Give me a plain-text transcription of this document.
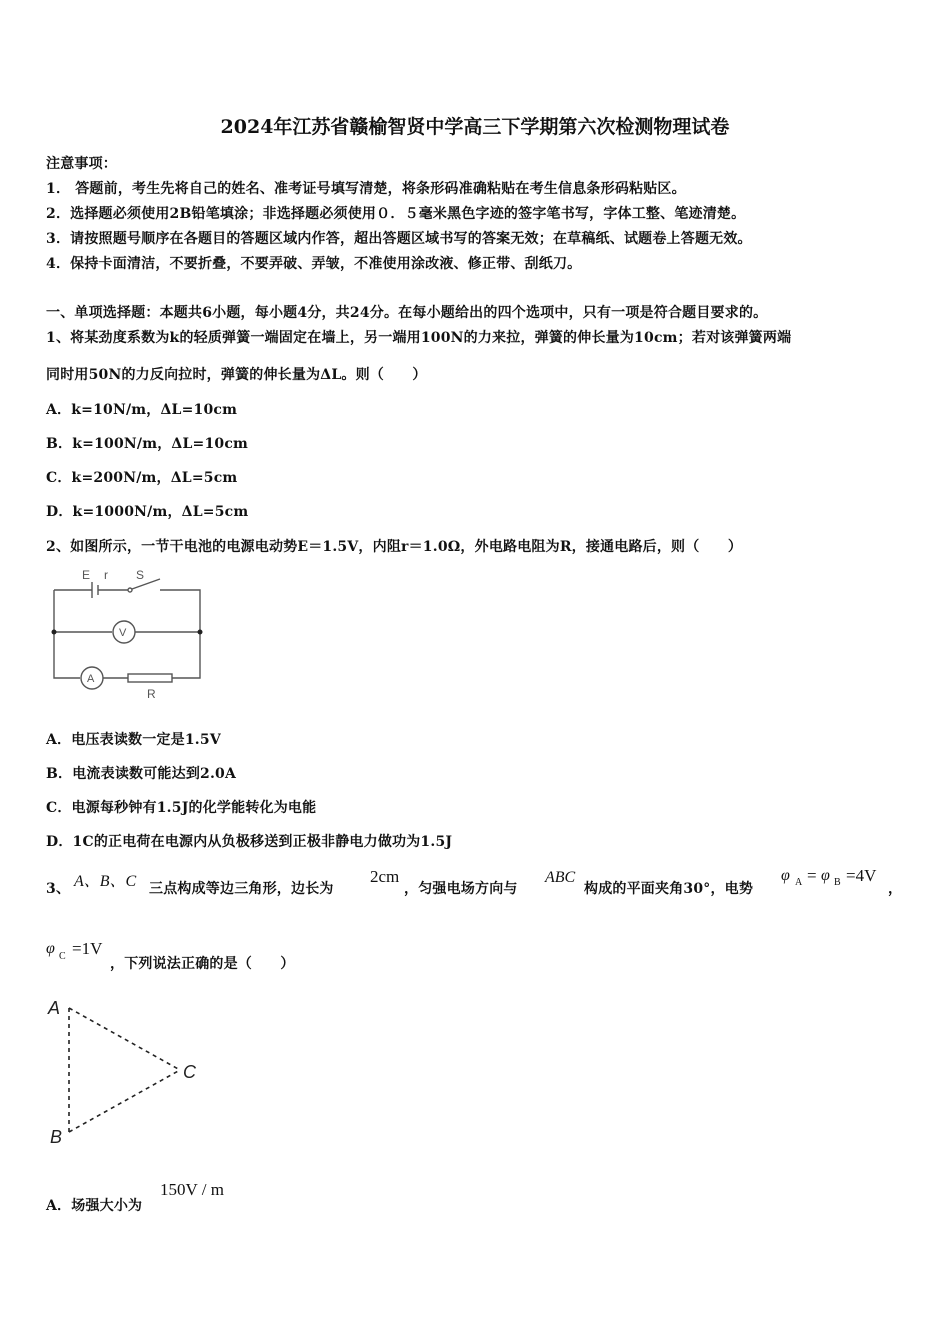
2024年江苏省赣榆智贤中学高三下学期第六次检测物理试卷
注意事项：
1． 答题前，考生先将自己的姓名、准考证号填写清楚，将条形码准确粘贴在考生信息条形码粘贴区。
2．选择题必须使用2B铅笔填涂；非选择题必须使用０．５毫米黑色字迹的签字笔书写，字体工整、笔迹清楚。
3．请按照题号顺序在各题目的答题区域内作答，超出答题区域书写的答案无效；在草稿纸、试题卷上答题无效。
4．保持卡面清洁，不要折叠，不要弄破、弄皱，不准使用涂改液、修正带、刮纸刀。
一、单项选择题：本题共6小题，每小题4分，共24分。在每小题给出的四个选项中，只有一项是符合题目要求的。
1、将某劲度系数为k的轻质弹簧一端固定在墙上，另一端用100N的力来拉，弹簧的伸长量为10cm；若对该弹簧两端
同时用50N的力反向拉时，弹簧的伸长量为ΔL。则（　　）
A．k=10N/m，ΔL=10cm
B．k=100N/m，ΔL=10cm
C．k=200N/m，ΔL=5cm
D．k=1000N/m，ΔL=5cm
2、如图所示，一节干电池的电源电动势E＝1.5V，内阻r＝1.0Ω，外电路电阻为R，接通电路后，则（　　）
E r S
V
A
R
A．电压表读数一定是1.5V
B．电流表读数可能达到2.0A
C．电源每秒钟有1.5J的化学能转化为电能
D．1C的正电荷在电源内从负极移送到正极非静电力做功为1.5J
3、 A、B、C 三点构成等边三角形，边长为
2cm
，匀强电场方向与
ABC
构成的平面夹角30°，电势
φ A = φ B =4V
，
φ C =1V
，下列说法正确的是（　　）
A
B
C
A．场强大小为
150V / m
